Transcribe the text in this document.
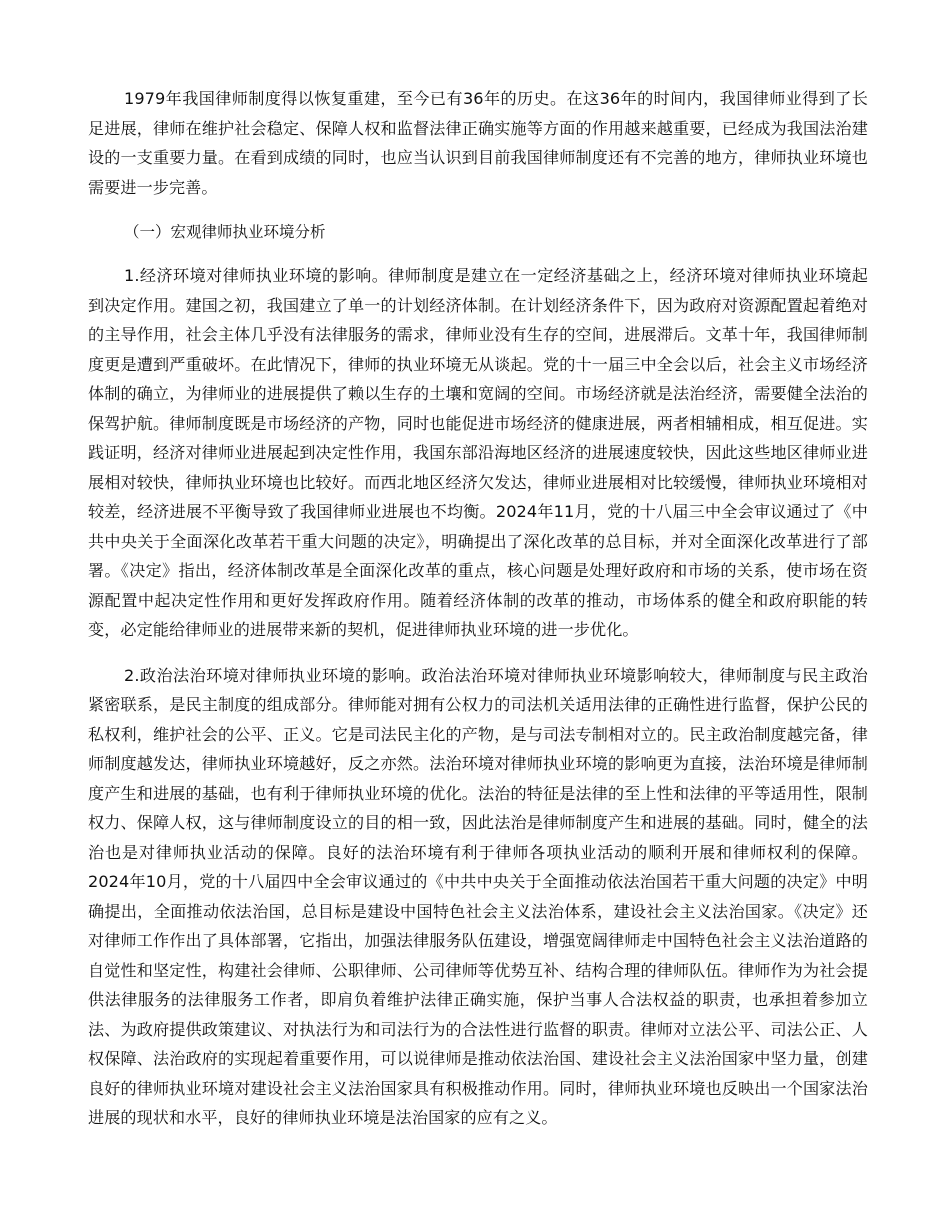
1979年我国律师制度得以恢复重建，至今已有36年的历史。在这36年的时间内，我国律师业得到了长足进展，律师在维护社会稳定、保障人权和监督法律正确实施等方面的作用越来越重要，已经成为我国法治建设的一支重要力量。在看到成绩的同时，也应当认识到目前我国律师制度还有不完善的地方，律师执业环境也需要进一步完善。

（一）宏观律师执业环境分析

1.经济环境对律师执业环境的影响。律师制度是建立在一定经济基础之上，经济环境对律师执业环境起到决定作用。建国之初，我国建立了单一的计划经济体制。在计划经济条件下，因为政府对资源配置起着绝对的主导作用，社会主体几乎没有法律服务的需求，律师业没有生存的空间，进展滞后。文革十年，我国律师制度更是遭到严重破坏。在此情况下，律师的执业环境无从谈起。党的十一届三中全会以后，社会主义市场经济体制的确立，为律师业的进展提供了赖以生存的土壤和宽阔的空间。市场经济就是法治经济，需要健全法治的保驾护航。律师制度既是市场经济的产物，同时也能促进市场经济的健康进展，两者相辅相成，相互促进。实践证明，经济对律师业进展起到决定性作用，我国东部沿海地区经济的进展速度较快，因此这些地区律师业进展相对较快，律师执业环境也比较好。而西北地区经济欠发达，律师业进展相对比较缓慢，律师执业环境相对较差，经济进展不平衡导致了我国律师业进展也不均衡。2024年11月，党的十八届三中全会审议通过了《中共中央关于全面深化改革若干重大问题的决定》，明确提出了深化改革的总目标，并对全面深化改革进行了部署。《决定》指出，经济体制改革是全面深化改革的重点，核心问题是处理好政府和市场的关系，使市场在资源配置中起决定性作用和更好发挥政府作用。随着经济体制的改革的推动，市场体系的健全和政府职能的转变，必定能给律师业的进展带来新的契机，促进律师执业环境的进一步优化。

2.政治法治环境对律师执业环境的影响。政治法治环境对律师执业环境影响较大，律师制度与民主政治紧密联系，是民主制度的组成部分。律师能对拥有公权力的司法机关适用法律的正确性进行监督，保护公民的私权利，维护社会的公平、正义。它是司法民主化的产物，是与司法专制相对立的。民主政治制度越完备，律师制度越发达，律师执业环境越好，反之亦然。法治环境对律师执业环境的影响更为直接，法治环境是律师制度产生和进展的基础，也有利于律师执业环境的优化。法治的特征是法律的至上性和法律的平等适用性，限制权力、保障人权，这与律师制度设立的目的相一致，因此法治是律师制度产生和进展的基础。同时，健全的法治也是对律师执业活动的保障。良好的法治环境有利于律师各项执业活动的顺利开展和律师权利的保障。2024年10月，党的十八届四中全会审议通过的《中共中央关于全面推动依法治国若干重大问题的决定》中明确提出，全面推动依法治国，总目标是建设中国特色社会主义法治体系，建设社会主义法治国家。《决定》还对律师工作作出了具体部署，它指出，加强法律服务队伍建设，增强宽阔律师走中国特色社会主义法治道路的自觉性和坚定性，构建社会律师、公职律师、公司律师等优势互补、结构合理的律师队伍。律师作为为社会提供法律服务的法律服务工作者，即肩负着维护法律正确实施，保护当事人合法权益的职责，也承担着参加立法、为政府提供政策建议、对执法行为和司法行为的合法性进行监督的职责。律师对立法公平、司法公正、人权保障、法治政府的实现起着重要作用，可以说律师是推动依法治国、建设社会主义法治国家中坚力量，创建良好的律师执业环境对建设社会主义法治国家具有积极推动作用。同时，律师执业环境也反映出一个国家法治进展的现状和水平，良好的律师执业环境是法治国家的应有之义。
